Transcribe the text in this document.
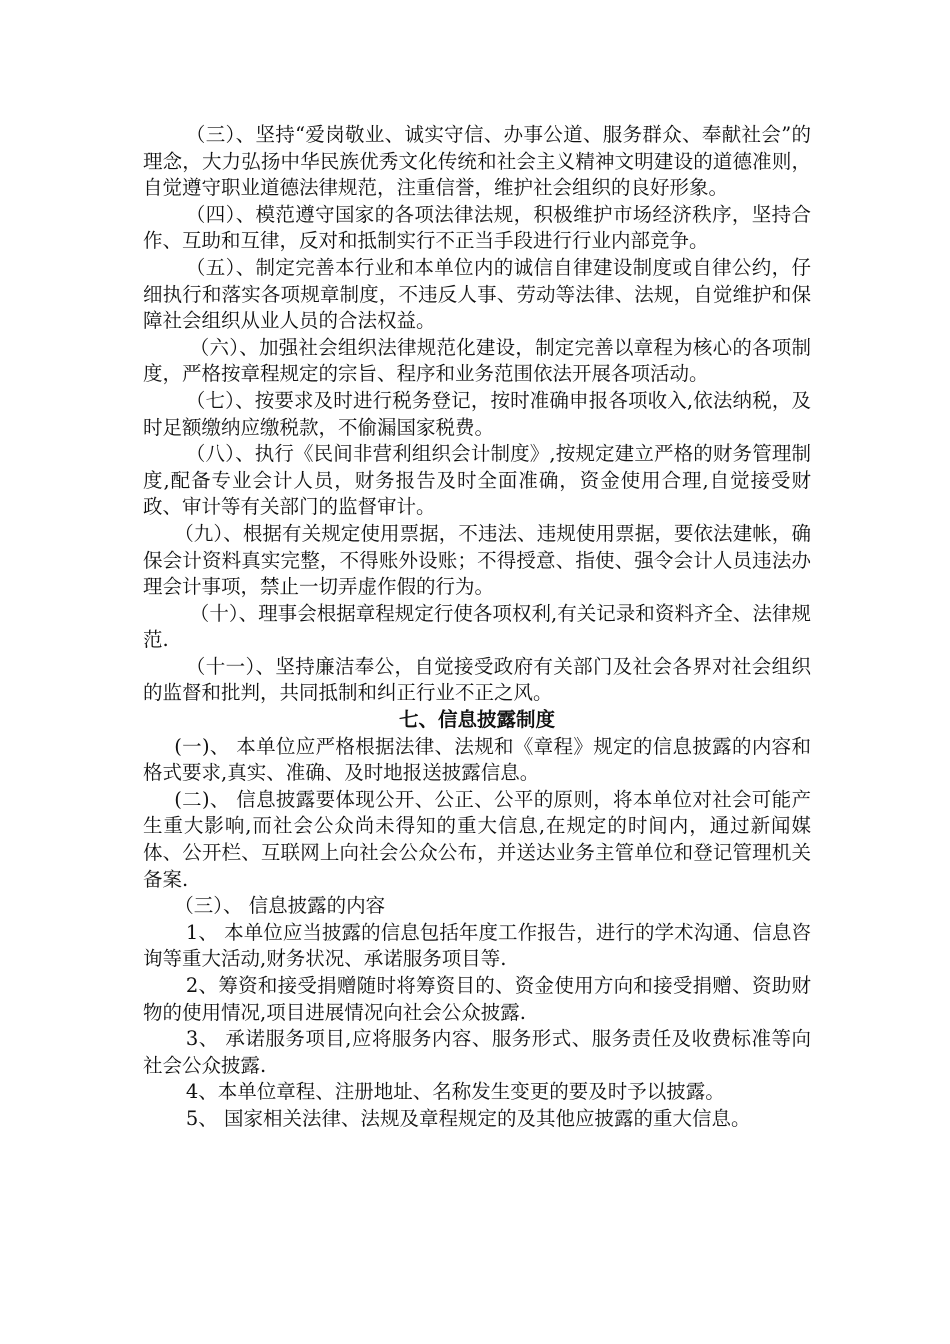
（三）、坚持“爱岗敬业、诚实守信、办事公道、服务群众、奉献社会”的理念，大力弘扬中华民族优秀文化传统和社会主义精神文明建设的道德准则，自觉遵守职业道德法律规范，注重信誉，维护社会组织的良好形象。

（四）、模范遵守国家的各项法律法规，积极维护市场经济秩序，坚持合作、互助和互律，反对和抵制实行不正当手段进行行业内部竞争。

（五）、制定完善本行业和本单位内的诚信自律建设制度或自律公约，仔细执行和落实各项规章制度，不违反人事、劳动等法律、法规，自觉维护和保障社会组织从业人员的合法权益。

（六）、加强社会组织法律规范化建设，制定完善以章程为核心的各项制度，严格按章程规定的宗旨、程序和业务范围依法开展各项活动。

（七）、按要求及时进行税务登记，按时准确申报各项收入,依法纳税，及时足额缴纳应缴税款，不偷漏国家税费。

（八）、执行《民间非营利组织会计制度》,按规定建立严格的财务管理制度,配备专业会计人员，财务报告及时全面准确，资金使用合理,自觉接受财政、审计等有关部门的监督审计。

（九）、根据有关规定使用票据，不违法、违规使用票据，要依法建帐，确保会计资料真实完整，不得账外设账；不得授意、指使、强令会计人员违法办理会计事项，禁止一切弄虚作假的行为。

（十）、理事会根据章程规定行使各项权利,有关记录和资料齐全、法律规范.

（十一）、坚持廉洁奉公，自觉接受政府有关部门及社会各界对社会组织的监督和批判，共同抵制和纠正行业不正之风。

七、信息披露制度

(一)、 本单位应严格根据法律、法规和《章程》规定的信息披露的内容和格式要求,真实、准确、及时地报送披露信息。

(二)、 信息披露要体现公开、公正、公平的原则，将本单位对社会可能产生重大影响,而社会公众尚未得知的重大信息,在规定的时间内，通过新闻媒体、公开栏、互联网上向社会公众公布，并送达业务主管单位和登记管理机关备案.

（三）、 信息披露的内容

1、 本单位应当披露的信息包括年度工作报告，进行的学术沟通、信息咨询等重大活动,财务状况、承诺服务项目等.

2、筹资和接受捐赠随时将筹资目的、资金使用方向和接受捐赠、资助财物的使用情况,项目进展情况向社会公众披露.

3、 承诺服务项目,应将服务内容、服务形式、服务责任及收费标准等向社会公众披露.

4、本单位章程、注册地址、名称发生变更的要及时予以披露。

5、 国家相关法律、法规及章程规定的及其他应披露的重大信息。
